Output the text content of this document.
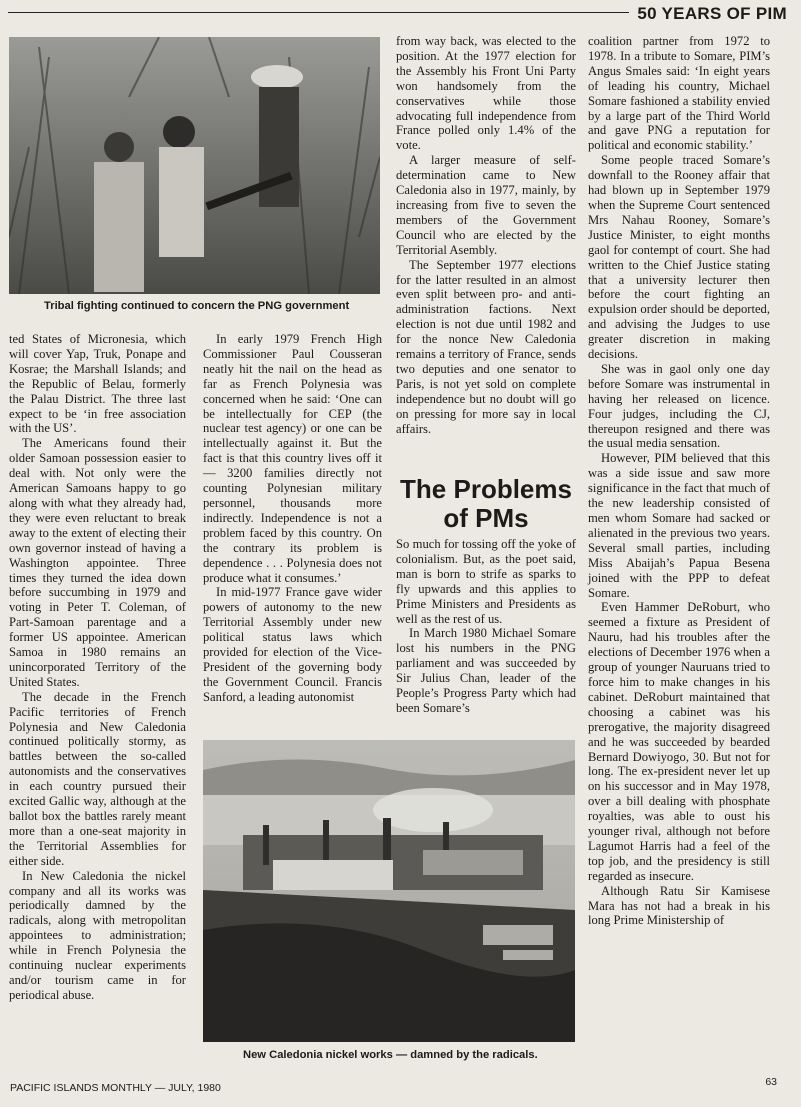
50 YEARS OF PIM
Tribal fighting continued to concern the PNG government

ted States of Micronesia, which will cover Yap, Truk, Ponape and Kosrae; the Marshall Islands; and the Republic of Belau, formerly the Palau District. The three last expect to be ‘in free association with the US’.

The Americans found their older Samoan possession easier to deal with. Not only were the American Samoans happy to go along with what they already had, they were even reluctant to break away to the extent of electing their own governor instead of having a Washington appointee. Three times they turned the idea down before succumbing in 1979 and voting in Peter T. Coleman, of Part-Samoan parentage and a former US appointee. American Samoa in 1980 remains an unincorporated Territory of the United States.

The decade in the French Pacific territories of French Polynesia and New Caledonia continued politically stormy, as battles between the so-called autonomists and the conservatives in each country pursued their excited Gallic way, although at the ballot box the battles rarely meant more than a one-seat majority in the Territorial Assemblies for either side.

In New Caledonia the nickel company and all its works was periodically damned by the radicals, along with metropolitan appointees to administration; while in French Polynesia the continuing nuclear experiments and/or tourism came in for periodical abuse.

In early 1979 French High Commissioner Paul Cousseran neatly hit the nail on the head as far as French Polynesia was concerned when he said: ‘One can be intellectually for CEP (the nuclear test agency) or one can be intellectually against it. But the fact is that this country lives off it — 3200 families directly not counting Polynesian military personnel, thousands more indirectly. Independence is not a problem faced by this country. On the contrary its problem is dependence . . . Polynesia does not produce what it consumes.’

In mid-1977 France gave wider powers of autonomy to the new Territorial Assembly under new political status laws which provided for election of the Vice-President of the governing body the Government Council. Francis Sanford, a leading autonomist

from way back, was elected to the position. At the 1977 election for the Assembly his Front Uni Party won handsomely from the conservatives while those advocating full independence from France polled only 1.4% of the vote.

A larger measure of self-determination came to New Caledonia also in 1977, mainly, by increasing from five to seven the members of the Government Council who are elected by the Territorial Asembly.

The September 1977 elections for the latter resulted in an almost even split between pro- and anti-administration factions. Next election is not due until 1982 and for the nonce New Caledonia remains a territory of France, sends two deputies and one senator to Paris, is not yet sold on complete independence but no doubt will go on pressing for more say in local affairs.

The Problems
of PMs

So much for tossing off the yoke of colonialism. But, as the poet said, man is born to strife as sparks to fly upwards and this applies to Prime Ministers and Presidents as well as the rest of us.

In March 1980 Michael Somare lost his numbers in the PNG parliament and was succeeded by Sir Julius Chan, leader of the People’s Progress Party which had been Somare’s

coalition partner from 1972 to 1978. In a tribute to Somare, PIM’s Angus Smales said: ‘In eight years of leading his country, Michael Somare fashioned a stability envied by a large part of the Third World and gave PNG a reputation for political and economic stability.’

Some people traced Somare’s downfall to the Rooney affair that had blown up in September 1979 when the Supreme Court sentenced Mrs Nahau Rooney, Somare’s Justice Minister, to eight months gaol for contempt of court. She had written to the Chief Justice stating that a university lecturer then before the court fighting an expulsion order should be deported, and advising the Judges to use greater discretion in making decisions.

She was in gaol only one day before Somare was instrumental in having her released on licence. Four judges, including the CJ, thereupon resigned and there was the usual media sensation.

However, PIM believed that this was a side issue and saw more significance in the fact that much of the new leadership consisted of men whom Somare had sacked or alienated in the previous two years. Several small parties, including Miss Abaijah’s Papua Besena joined with the PPP to defeat Somare.

Even Hammer DeRoburt, who seemed a fixture as President of Nauru, had his troubles after the elections of December 1976 when a group of younger Nauruans tried to force him to make changes in his cabinet. DeRoburt maintained that choosing a cabinet was his prerogative, the majority disagreed and he was succeeded by bearded Bernard Dowiyogo, 30. But not for long. The ex-president never let up on his successor and in May 1978, over a bill dealing with phosphate royalties, was able to oust his younger rival, although not before Lagumot Harris had a feel of the top job, and the presidency is still regarded as insecure.

Although Ratu Sir Kamisese Mara has not had a break in his long Prime Ministership of

New Caledonia nickel works — damned by the radicals.
PACIFIC ISLANDS MONTHLY — JULY, 1980	63
